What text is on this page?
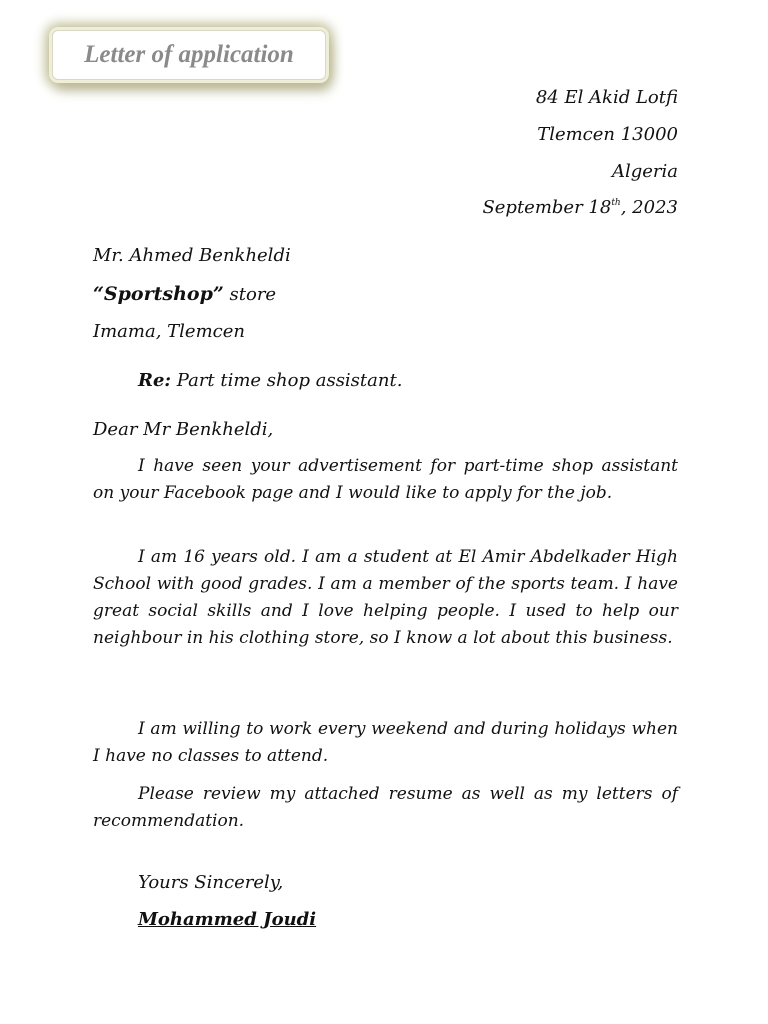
Letter of application
84 El Akid Lotfi
Tlemcen 13000
Algeria
September 18th, 2023
Mr. Ahmed Benkheldi
“Sportshop” store
Imama, Tlemcen
Re: Part time shop assistant.
Dear Mr Benkheldi,

I have seen your advertisement for part-time shop assistant on your Facebook page and I would like to apply for the job.

I am 16 years old. I am a student at El Amir Abdelkader High School with good grades. I am a member of the sports team. I have great social skills and I love helping people. I used to help our neighbour in his clothing store, so I know a lot about this business.

I am willing to work every weekend and during holidays when I have no classes to attend.

Please review my attached resume as well as my letters of recommendation.

Yours Sincerely,
Mohammed Joudi
